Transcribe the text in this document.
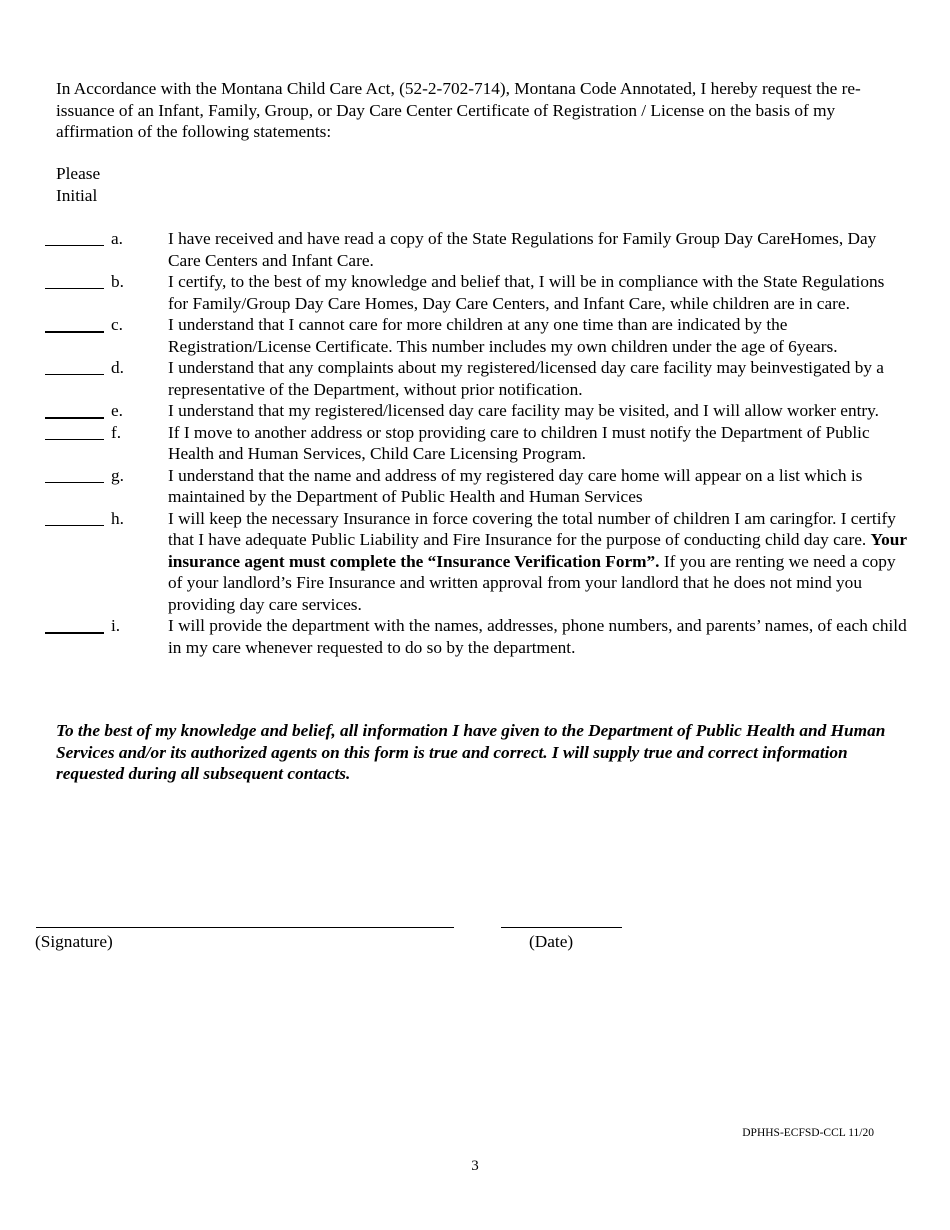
In Accordance with the Montana Child Care Act, (52-2-702-714), Montana Code Annotated, I hereby request the re-issuance of an Infant, Family, Group, or Day Care Center Certificate of Registration / License on the basis of my affirmation of the following statements:

Please
Initial
a.	I have received and have read a copy of the State Regulations for Family Group Day CareHomes, Day Care Centers and Infant Care.
b.	I certify, to the best of my knowledge and belief that, I will be in compliance with the State Regulations for Family/Group Day Care Homes, Day Care Centers, and Infant Care, while children are in care.
c.	I understand that I cannot care for more children at any one time than are indicated by the Registration/License Certificate. This number includes my own children under the age of 6years.
d.	I understand that any complaints about my registered/licensed day care facility may beinvestigated by a representative of the Department, without prior notification.
e.	I understand that my registered/licensed day care facility may be visited, and I will allow worker entry.
f.	If I move to another address or stop providing care to children I must notify the Department of Public Health and Human Services, Child Care Licensing Program.
g.	I understand that the name and address of my registered day care home will appear on a list which is maintained by the Department of Public Health and Human Services
h.	I will keep the necessary Insurance in force covering the total number of children I am caringfor. I certify that I have adequate Public Liability and Fire Insurance for the purpose of conducting child day care. Your insurance agent must complete the “Insurance Verification Form”. If you are renting we need a copy of your landlord’s Fire Insurance and written approval from your landlord that he does not mind you providing day care services.
i.	I will provide the department with the names, addresses, phone numbers, and parents’ names, of each child in my care whenever requested to do so by the department.

To the best of my knowledge and belief, all information I have given to the Department of Public Health and Human Services and/or its authorized agents on this form is true and correct. I will supply true and correct information requested during all subsequent contacts.

(Signature)	(Date)
DPHHS-ECFSD-CCL 11/20
3
